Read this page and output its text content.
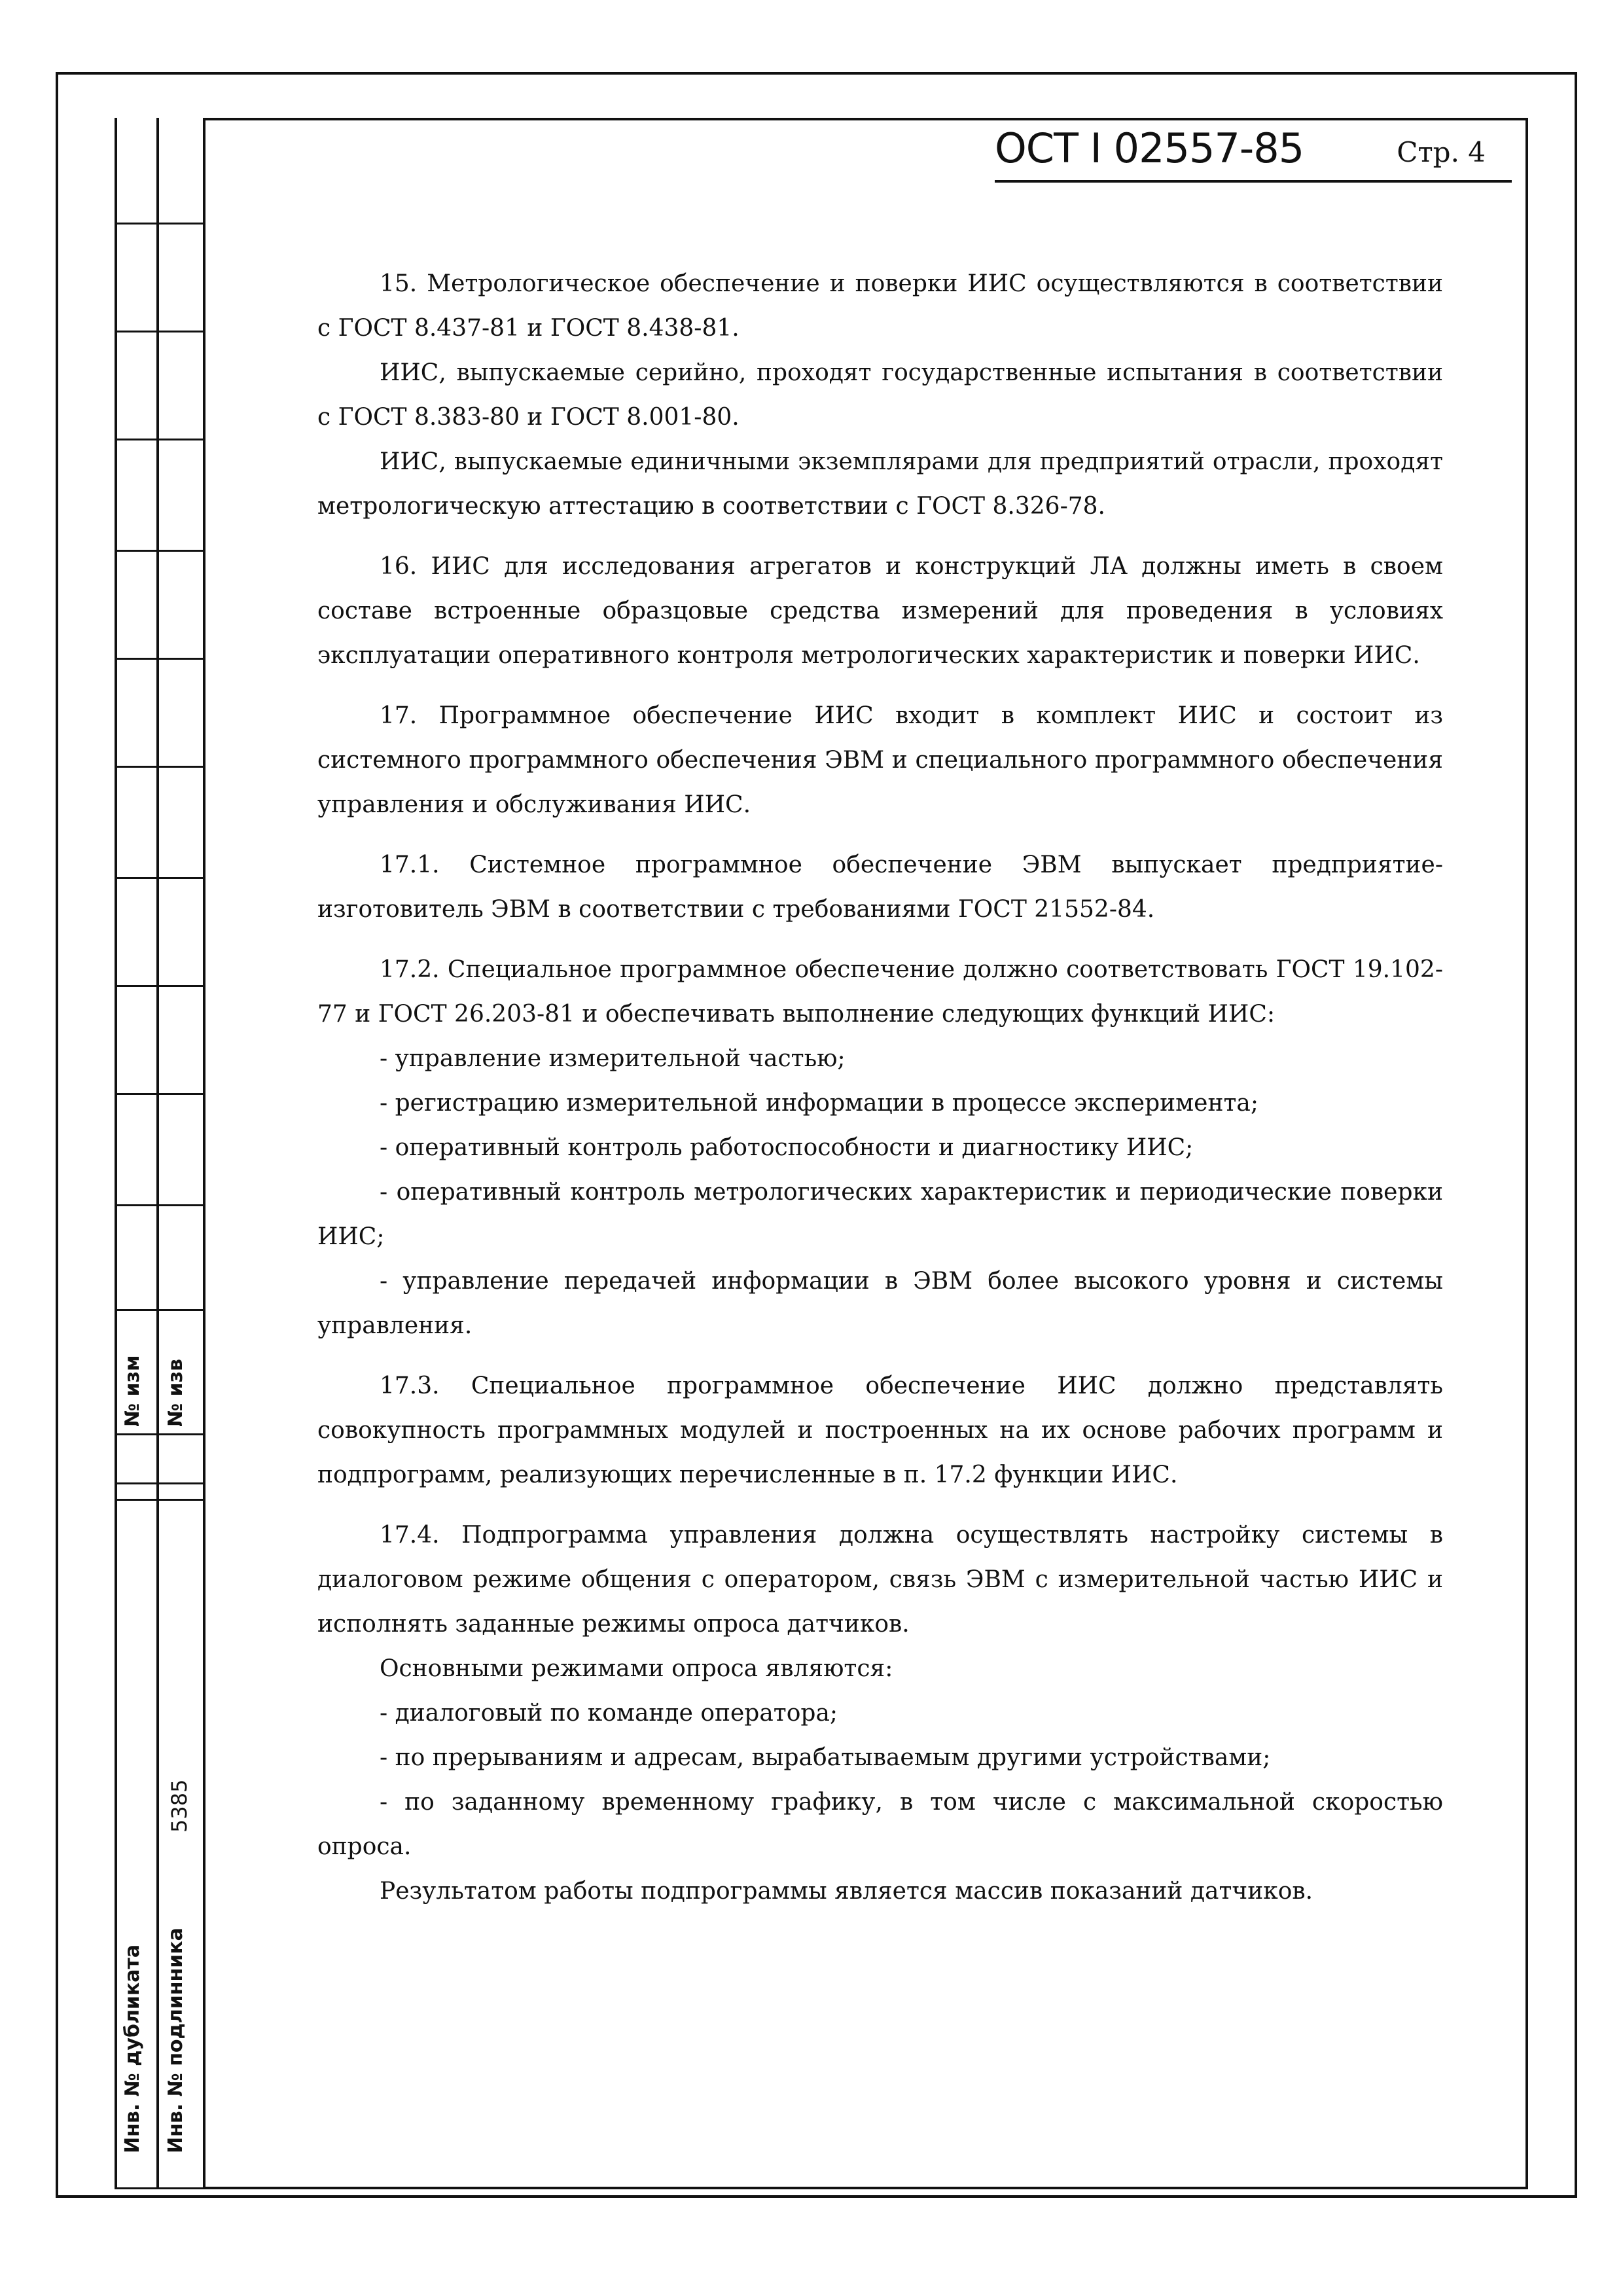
№ изм № изв
5385
Инв. № дубликата Инв. № подлинника
ОСТ I 02557-85	Стр. 4

15. Метрологическое обеспечение и поверки ИИС осуществляются в соответствии с ГОСТ 8.437-81 и ГОСТ 8.438-81.

ИИС, выпускаемые серийно, проходят государственные испытания в соответствии с ГОСТ 8.383-80 и ГОСТ 8.001-80.

ИИС, выпускаемые единичными экземплярами для предприятий отрасли, проходят метрологическую аттестацию в соответствии с ГОСТ 8.326-78.

16. ИИС для исследования агрегатов и конструкций ЛА должны иметь в своем составе встроенные образцовые средства измерений для проведения в условиях эксплуатации оперативного контроля метрологических характеристик и поверки ИИС.

17. Программное обеспечение ИИС входит в комплект ИИС и состоит из системного программного обеспечения ЭВМ и специального программного обеспечения управления и обслуживания ИИС.

17.1. Системное программное обеспечение ЭВМ выпускает предприятие-изготовитель ЭВМ в соответствии с требованиями ГОСТ 21552-84.

17.2. Специальное программное обеспечение должно соответствовать ГОСТ 19.102-77 и ГОСТ 26.203-81 и обеспечивать выполнение следующих функций ИИС:

- управление измерительной частью;

- регистрацию измерительной информации в процессе эксперимента;

- оперативный контроль работоспособности и диагностику ИИС;

- оперативный контроль метрологических характеристик и периодические поверки ИИС;

- управление передачей информации в ЭВМ более высокого уровня и системы управления.

17.3. Специальное программное обеспечение ИИС должно представлять совокупность программных модулей и построенных на их основе рабочих программ и подпрограмм, реализующих перечисленные в п. 17.2 функции ИИС.

17.4. Подпрограмма управления должна осуществлять настройку системы в диалоговом режиме общения с оператором, связь ЭВМ с измерительной частью ИИС и исполнять заданные режимы опроса датчиков.

Основными режимами опроса являются:

- диалоговый по команде оператора;

- по прерываниям и адресам, вырабатываемым другими устройствами;

- по заданному временному графику, в том числе с максимальной скоростью опроса.

Результатом работы подпрограммы является массив показаний датчиков.
